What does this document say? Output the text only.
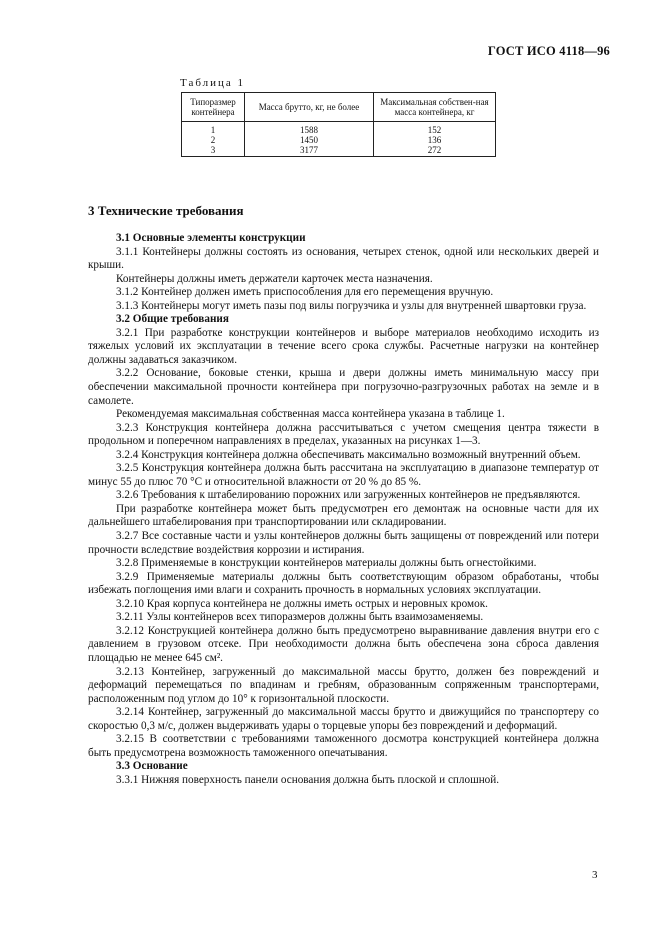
ГОСТ ИСО 4118—96
Таблица 1
Типоразмер контейнера	Масса брутто, кг, не более	Максимальная собствен-ная масса контейнера, кг
1	1588	152
2	1450	136
3	3177	272
3 Технические требования

3.1 Основные элементы конструкции

3.1.1 Контейнеры должны состоять из основания, четырех стенок, одной или нескольких дверей и крыши.

Контейнеры должны иметь держатели карточек места назначения.

3.1.2 Контейнер должен иметь приспособления для его перемещения вручную.

3.1.3 Контейнеры могут иметь пазы под вилы погрузчика и узлы для внутренней швартовки груза.

3.2 Общие требования

3.2.1 При разработке конструкции контейнеров и выборе материалов необходимо исходить из тяжелых условий их эксплуатации в течение всего срока службы. Расчетные нагрузки на контейнер должны задаваться заказчиком.

3.2.2 Основание, боковые стенки, крыша и двери должны иметь минимальную массу при обеспечении максимальной прочности контейнера при погрузочно-разгрузочных работах на земле и в самолете.

Рекомендуемая максимальная собственная масса контейнера указана в таблице 1.

3.2.3 Конструкция контейнера должна рассчитываться с учетом смещения центра тяжести в продольном и поперечном направлениях в пределах, указанных на рисунках 1—3.

3.2.4 Конструкция контейнера должна обеспечивать максимально возможный внутренний объем.

3.2.5 Конструкция контейнера должна быть рассчитана на эксплуатацию в диапазоне температур от минус 55 до плюс 70 °С и относительной влажности от 20 % до 85 %.

3.2.6 Требования к штабелированию порожних или загруженных контейнеров не предъявляются.

При разработке контейнера может быть предусмотрен его демонтаж на основные части для их дальнейшего штабелирования при транспортировании или складировании.

3.2.7 Все составные части и узлы контейнеров должны быть защищены от повреждений или потери прочности вследствие воздействия коррозии и истирания.

3.2.8 Применяемые в конструкции контейнеров материалы должны быть огнестойкими.

3.2.9 Применяемые материалы должны быть соответствующим образом обработаны, чтобы избежать поглощения ими влаги и сохранить прочность в нормальных условиях эксплуатации.

3.2.10 Края корпуса контейнера не должны иметь острых и неровных кромок.

3.2.11 Узлы контейнеров всех типоразмеров должны быть взаимозаменяемы.

3.2.12 Конструкцией контейнера должно быть предусмотрено выравнивание давления внутри его с давлением в грузовом отсеке. При необходимости должна быть обеспечена зона сброса давления площадью не менее 645 см².

3.2.13 Контейнер, загруженный до максимальной массы брутто, должен без повреждений и деформаций перемещаться по впадинам и гребням, образованным сопряженным транспортерами, расположенным под углом до 10° к горизонтальной плоскости.

3.2.14 Контейнер, загруженный до максимальной массы брутто и движущийся по транспортеру со скоростью 0,3 м/с, должен выдерживать удары о торцевые упоры без повреждений и деформаций.

3.2.15 В соответствии с требованиями таможенного досмотра конструкцией контейнера должна быть предусмотрена возможность таможенного опечатывания.

3.3 Основание

3.3.1 Нижняя поверхность панели основания должна быть плоской и сплошной.

3
